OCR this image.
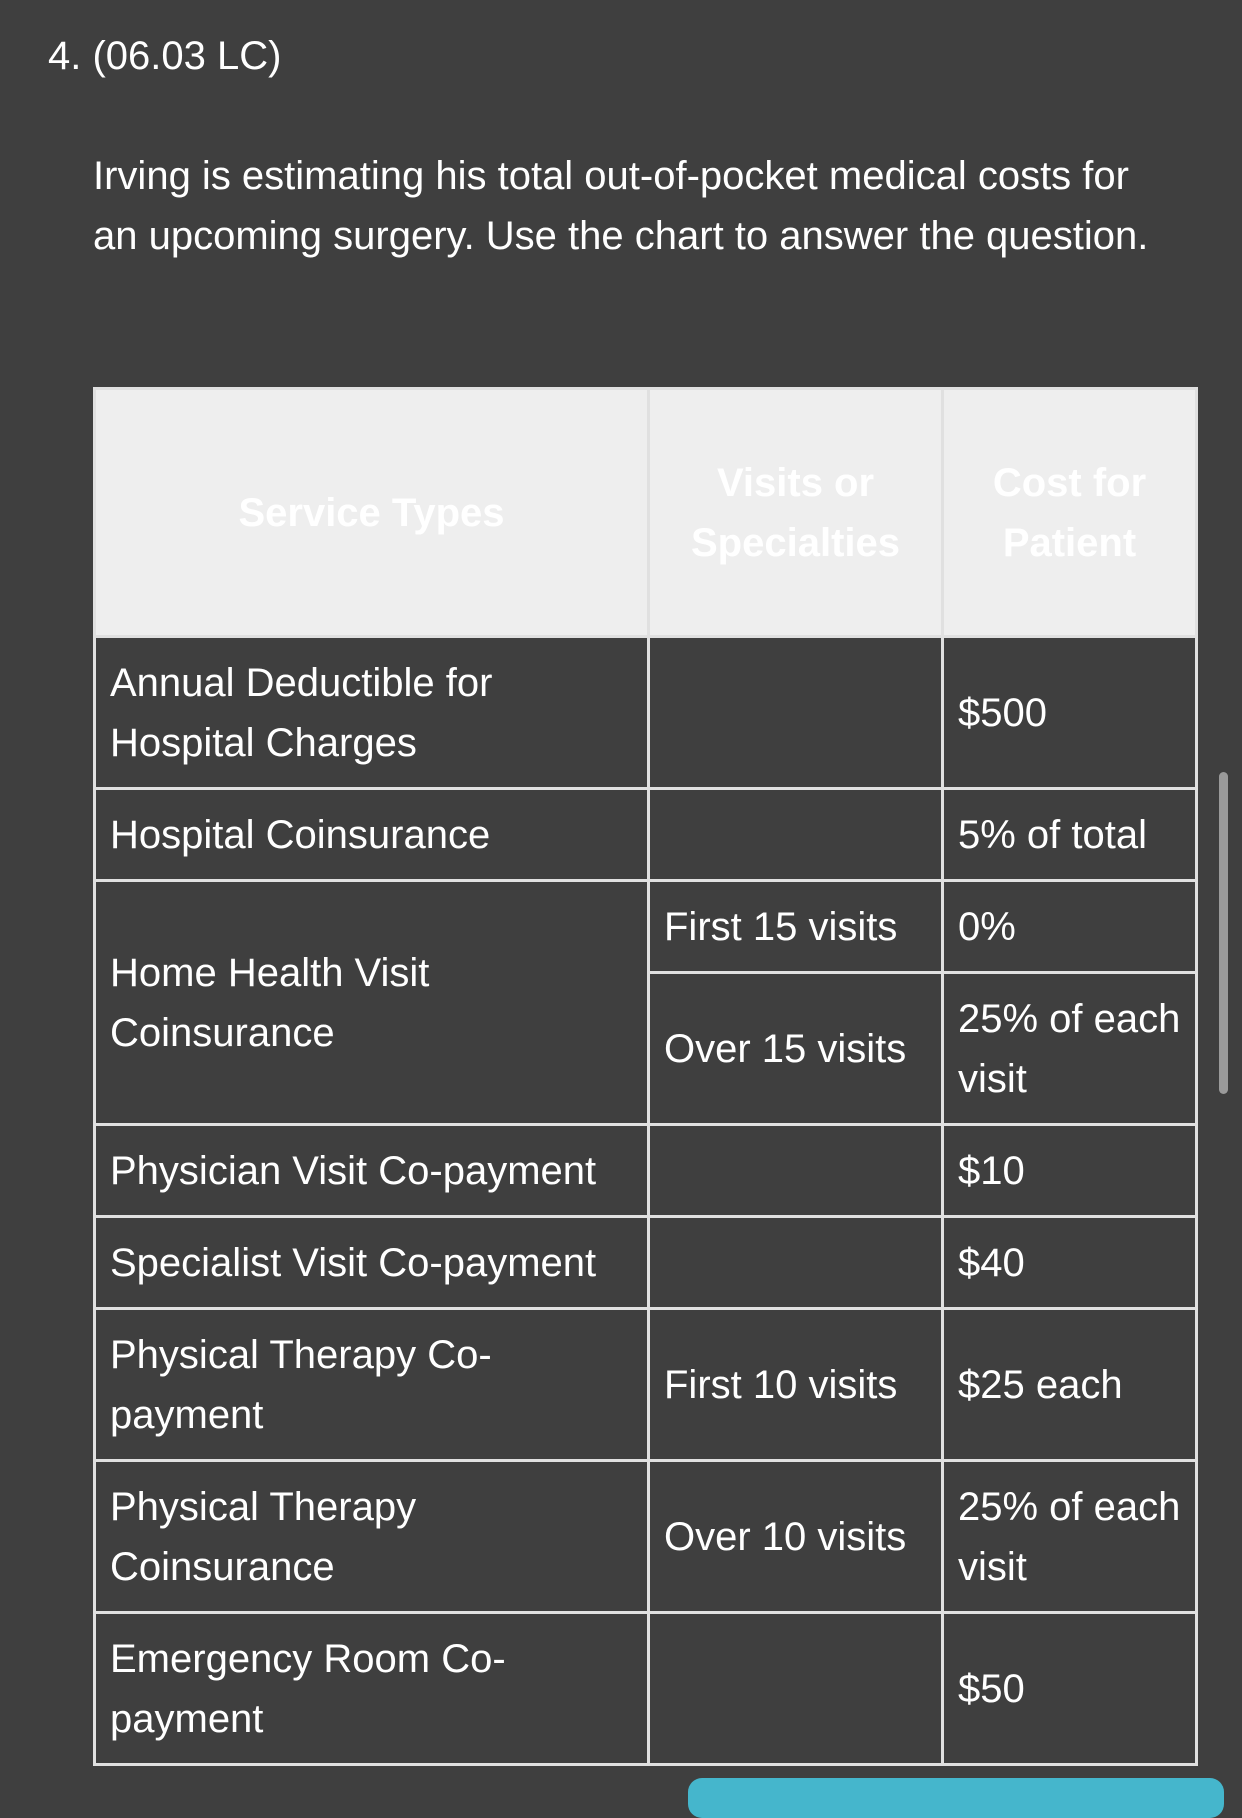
4. (06.03 LC)
Irving is estimating his total out-of-pocket medical costs for an upcoming surgery. Use the chart to answer the question.
Service Types	Visits or Specialties	Cost for Patient
Annual Deductible for Hospital Charges		$500
Hospital Coinsurance		5% of total
Home Health Visit Coinsurance	First 15 visits	0%
	Over 15 visits	25% of each visit
Physician Visit Co-payment		$10
Specialist Visit Co-payment		$40
Physical Therapy Co-payment	First 10 visits	$25 each
Physical Therapy Coinsurance	Over 10 visits	25% of each visit
Emergency Room Co-payment		$50
